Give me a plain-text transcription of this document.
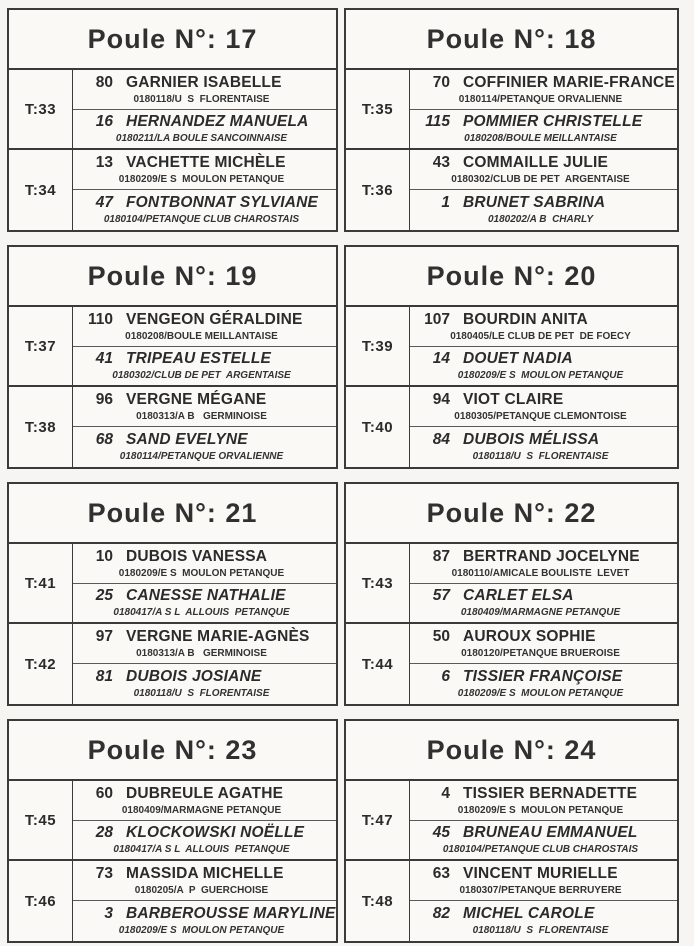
Poule N°: 17
T:33
80 GARNIER ISABELLE
0180118/U  S  FLORENTAISE
16 HERNANDEZ MANUELA
0180211/LA BOULE SANCOINNAISE
T:34
13 VACHETTE MICHÈLE
0180209/E S  MOULON PETANQUE
47 FONTBONNAT SYLVIANE
0180104/PETANQUE CLUB CHAROSTAIS
Poule N°: 18
T:35
70 COFFINIER MARIE-FRANCE
0180114/PETANQUE ORVALIENNE
115 POMMIER CHRISTELLE
0180208/BOULE MEILLANTAISE
T:36
43 COMMAILLE JULIE
0180302/CLUB DE PET  ARGENTAISE
1 BRUNET SABRINA
0180202/A B  CHARLY
Poule N°: 19
T:37
110 VENGEON GÉRALDINE
0180208/BOULE MEILLANTAISE
41 TRIPEAU ESTELLE
0180302/CLUB DE PET  ARGENTAISE
T:38
96 VERGNE MÉGANE
0180313/A B   GERMINOISE
68 SAND EVELYNE
0180114/PETANQUE ORVALIENNE
Poule N°: 20
T:39
107 BOURDIN ANITA
0180405/LE CLUB DE PET  DE FOECY
14 DOUET NADIA
0180209/E S  MOULON PETANQUE
T:40
94 VIOT CLAIRE
0180305/PETANQUE CLEMONTOISE
84 DUBOIS MÉLISSA
0180118/U  S  FLORENTAISE
Poule N°: 21
T:41
10 DUBOIS VANESSA
0180209/E S  MOULON PETANQUE
25 CANESSE NATHALIE
0180417/A S L  ALLOUIS  PETANQUE
T:42
97 VERGNE MARIE-AGNÈS
0180313/A B   GERMINOISE
81 DUBOIS JOSIANE
0180118/U  S  FLORENTAISE
Poule N°: 22
T:43
87 BERTRAND JOCELYNE
0180110/AMICALE BOULISTE  LEVET
57 CARLET ELSA
0180409/MARMAGNE PETANQUE
T:44
50 AUROUX SOPHIE
0180120/PETANQUE BRUEROISE
6 TISSIER FRANÇOISE
0180209/E S  MOULON PETANQUE
Poule N°: 23
T:45
60 DUBREULE AGATHE
0180409/MARMAGNE PETANQUE
28 KLOCKOWSKI NOËLLE
0180417/A S L  ALLOUIS  PETANQUE
T:46
73 MASSIDA MICHELLE
0180205/A  P  GUERCHOISE
3 BARBEROUSSE MARYLINE
0180209/E S  MOULON PETANQUE
Poule N°: 24
T:47
4 TISSIER BERNADETTE
0180209/E S  MOULON PETANQUE
45 BRUNEAU EMMANUEL
0180104/PETANQUE CLUB CHAROSTAIS
T:48
63 VINCENT MURIELLE
0180307/PETANQUE BERRUYERE
82 MICHEL CAROLE
0180118/U  S  FLORENTAISE
